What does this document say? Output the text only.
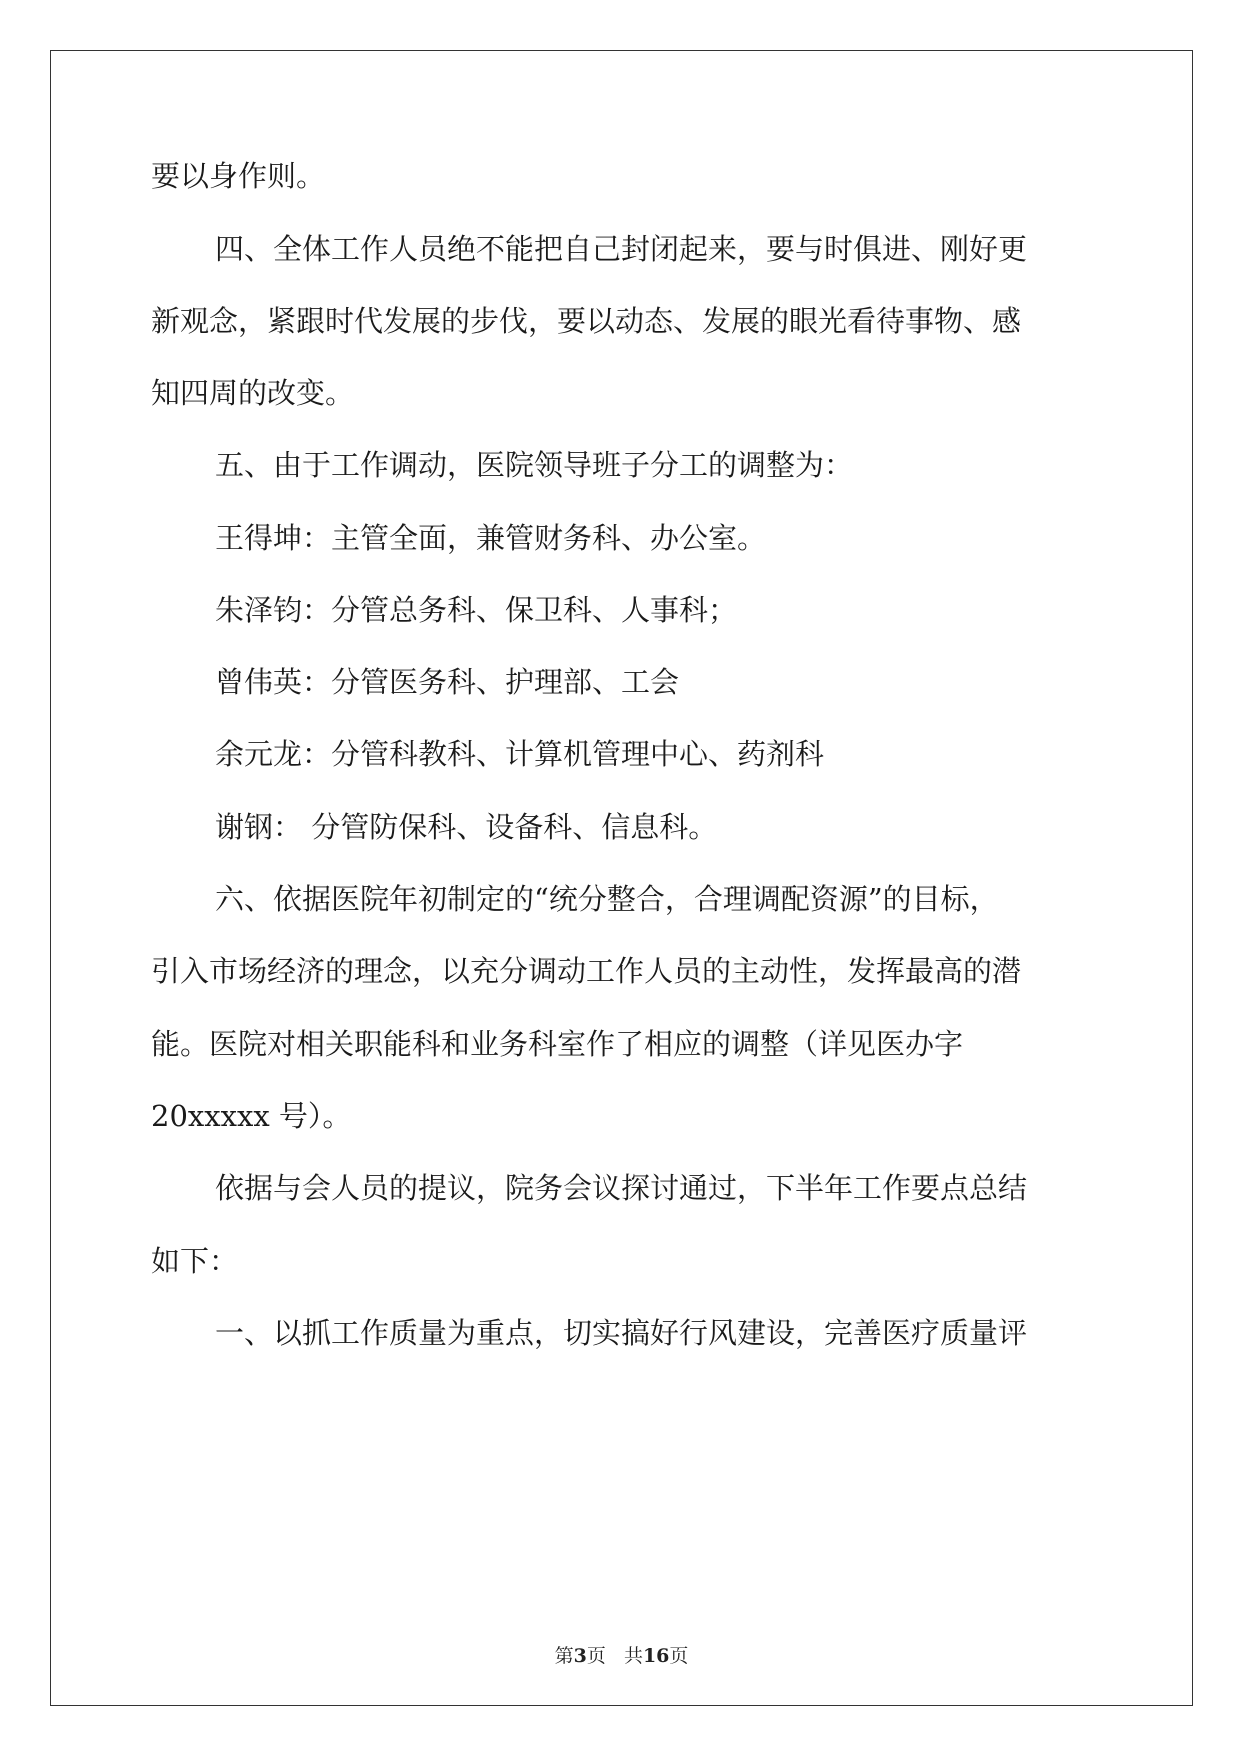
要以身作则。
四、全体工作人员绝不能把自己封闭起来，要与时俱进、刚好更
新观念，紧跟时代发展的步伐，要以动态、发展的眼光看待事物、感
知四周的改变。
五、由于工作调动，医院领导班子分工的调整为：
王得坤：主管全面，兼管财务科、办公室。
朱泽钧：分管总务科、保卫科、人事科；
曾伟英：分管医务科、护理部、工会
余元龙：分管科教科、计算机管理中心、药剂科
谢钢： 分管防保科、设备科、信息科。
六、依据医院年初制定的“统分整合，合理调配资源”的目标，
引入市场经济的理念，以充分调动工作人员的主动性，发挥最高的潜
能。医院对相关职能科和业务科室作了相应的调整（详见医办字
20xxxxx 号）。
依据与会人员的提议，院务会议探讨通过，下半年工作要点总结
如下：
一、以抓工作质量为重点，切实搞好行风建设，完善医疗质量评
第3页   共16页
